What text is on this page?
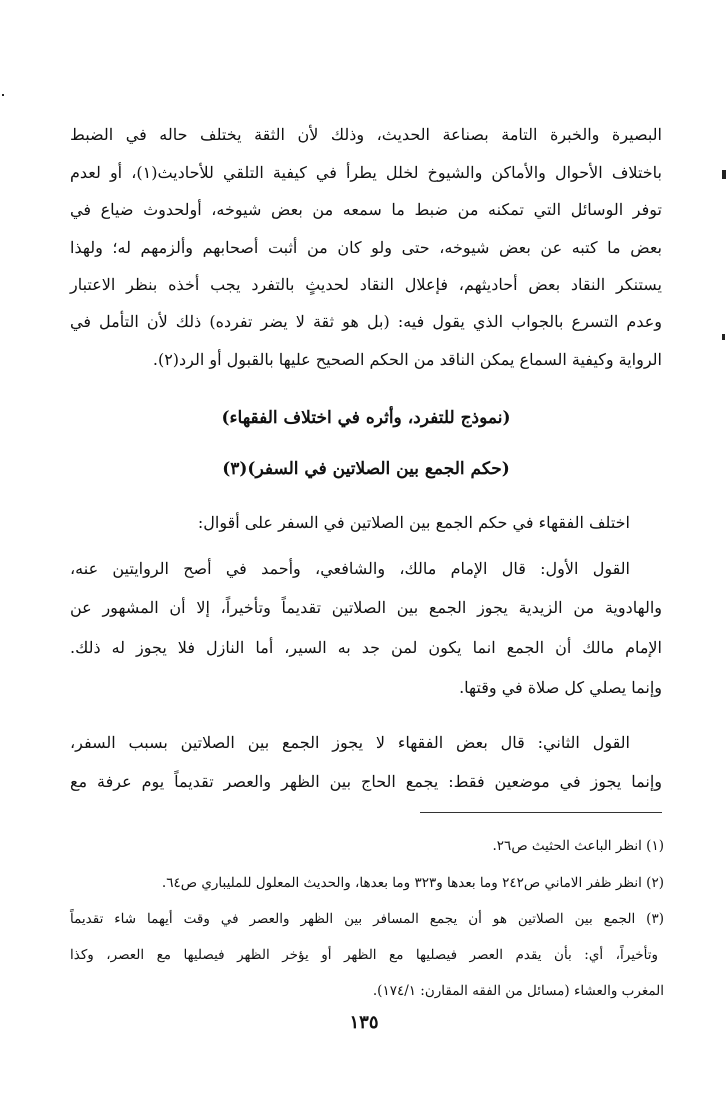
البصيرة والخبرة التامة بصناعة الحديث، وذلك لأن الثقة يختلف حاله في الضبط
باختلاف الأحوال والأماكن والشيوخ لخلل يطرأ في كيفية التلقي للأحاديث(١)، أو لعدم
توفر الوسائل التي تمكنه من ضبط ما سمعه من بعض شيوخه، أولحدوث ضياع في
بعض ما كتبه عن بعض شيوخه، حتى ولو كان من أثبت أصحابهم وألزمهم له؛ ولهذا
يستنكر النقاد بعض أحاديثهم، فإعلال النقاد لحديثٍ بالتفرد يجب أخذه بنظر الاعتبار
وعدم التسرع بالجواب الذي يقول فيه: (بل هو ثقة لا يضر تفرده) ذلك لأن التأمل في
الرواية وكيفية السماع يمكن الناقد من الحكم الصحيح عليها بالقبول أو الرد(٢).
(نموذج للتفرد، وأثره في اختلاف الفقهاء)
(حكم الجمع بين الصلاتين في السفر)(٣)
اختلف الفقهاء في حكم الجمع بين الصلاتين في السفر على أقوال:
القول الأول: قال الإمام مالك، والشافعي، وأحمد في أصح الروايتين عنه،
والهادوية من الزيدية يجوز الجمع بين الصلاتين تقديماً وتأخيراً، إلا أن المشهور عن
الإمام مالك أن الجمع انما يكون لمن جد به السير، أما النازل فلا يجوز له ذلك.
وإنما يصلي كل صلاة في وقتها.
القول الثاني: قال بعض الفقهاء لا يجوز الجمع بين الصلاتين بسبب السفر،
وإنما يجوز في موضعين فقط: يجمع الحاج بين الظهر والعصر تقديماً يوم عرفة مع
(١) انظر الباعث الحثيث ص٢٦.
(٢) انظر ظفر الاماني ص٢٤٢ وما بعدها و٣٢٣ وما بعدها، والحديث المعلول للمليباري ص٦٤.
(٣) الجمع بين الصلاتين هو أن يجمع المسافر بين الظهر والعصر في وقت أيهما شاء تقديماً
وتأخيراً، أي: بأن يقدم العصر فيصليها مع الظهر أو يؤخر الظهر فيصليها مع العصر، وكذا
المغرب والعشاء (مسائل من الفقه المقارن: ١٧٤/١).
١٣٥
